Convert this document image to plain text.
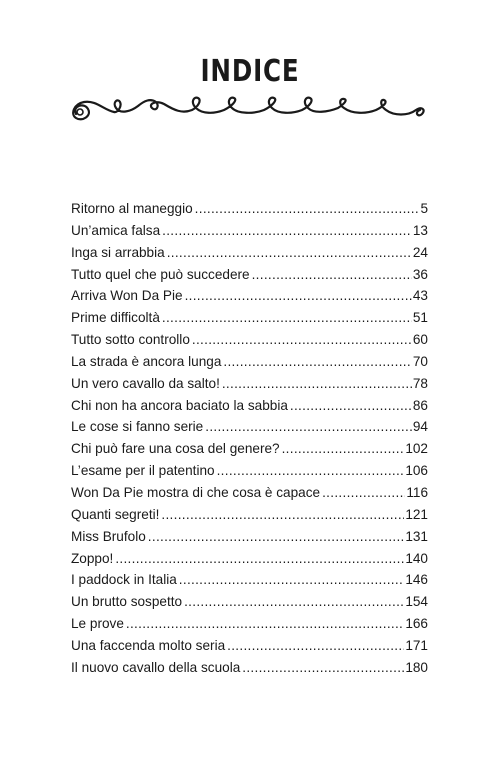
INDICE
Ritorno al maneggio .....	5
Un’amica falsa .....	13
Inga si arrabbia .....	24
Tutto quel che può succedere .....	36
Arriva Won Da Pie .....	43
Prime difficoltà .....	51
Tutto sotto controllo .....	60
La strada è ancora lunga .....	70
Un vero cavallo da salto! .....	78
Chi non ha ancora baciato la sabbia .....	86
Le cose si fanno serie .....	94
Chi può fare una cosa del genere? .....	102
L’esame per il patentino .....	106
Won Da Pie mostra di che cosa è capace .....	116
Quanti segreti! .....	121
Miss Brufolo .....	131
Zoppo! .....	140
I paddock in Italia .....	146
Un brutto sospetto .....	154
Le prove .....	166
Una faccenda molto seria .....	171
Il nuovo cavallo della scuola .....	180
